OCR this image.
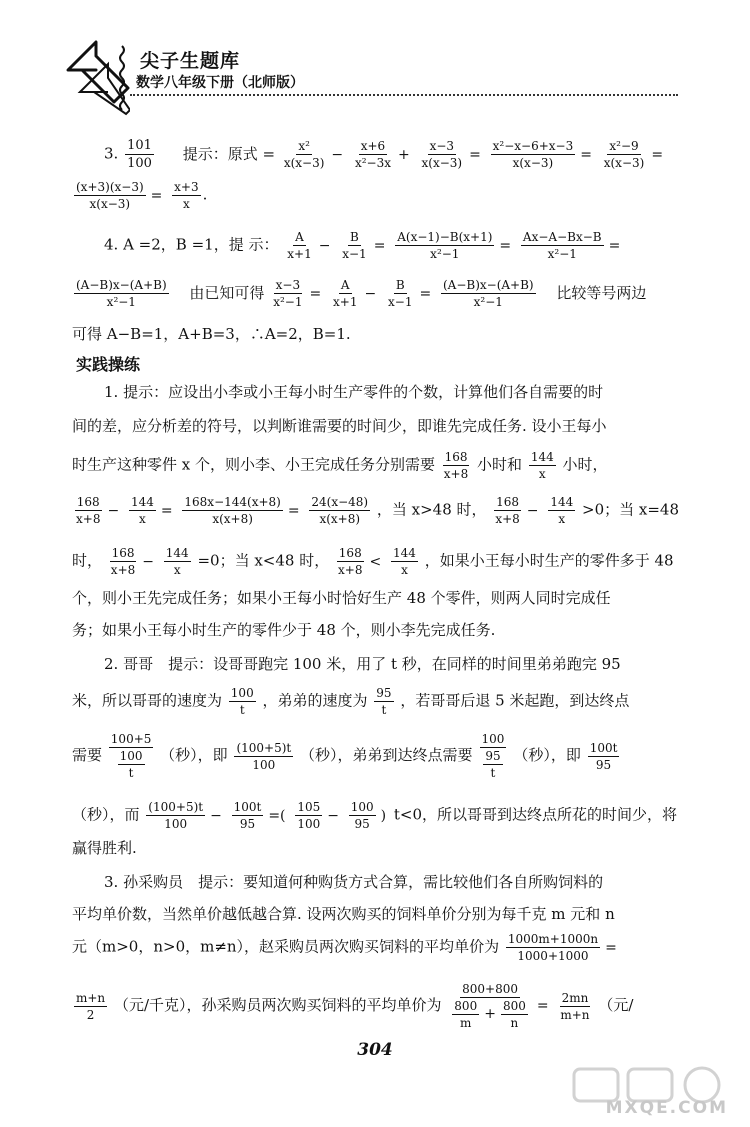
尖子生题库
数学八年级下册（北师版）
3. $\frac{101}{100}$ 提示：原式 = $\frac{\text{x²}}{x(x-3)} - \frac{x+6}{\text{x²−3x}} + \frac{x-3}{x(x-3)} = \frac{\text{x²−x−6+x−3}}{x(x-3)} = \frac{\text{x²−9}}{x(x-3)}$ =
$\frac{(x+3)(x-3)}{x(x-3)} = \frac{x+3}{x}$ .
4. A =2，B =1，提 示： $\frac{A}{x+1} - \frac{B}{x-1} = \frac{A(x-1)-B(x+1)}{\text{x²−1}} = \frac{Ax-A-Bx-B}{\text{x²−1}}$ =
$\frac{(A-B)x-(A+B)}{\text{x²−1}}$ 由已知可得 $\frac{x-3}{\text{x²−1}} = \frac{A}{x+1} - \frac{B}{x-1} = \frac{(A-B)x-(A+B)}{\text{x²−1}}$ 比较等号两边
可得 A−B=1，A+B=3，∴A=2，B=1.
实践操练
1. 提示：应设出小李或小王每小时生产零件的个数，计算他们各自需要的时
间的差，应分析差的符号，以判断谁需要的时间少，即谁先完成任务. 设小王每小
时生产这种零件 x 个，则小李、小王完成任务分别需要 $\frac{168}{x+8}$ 小时和 $\frac{144}{x}$ 小时，
$\frac{168}{x+8} - \frac{144}{x} = \frac{168x-144(x+8)}{x(x+8)} = \frac{24(x-48)}{x(x+8)}$ ，当 x>48 时， $\frac{168}{x+8} - \frac{144}{x} >0$；当 x=48
时， $\frac{168}{x+8} - \frac{144}{x} =0$；当 x<48 时， $\frac{168}{x+8} < \frac{144}{x}$ ，如果小王每小时生产的零件多于 48
个，则小王先完成任务；如果小王每小时恰好生产 48 个零件，则两人同时完成任
务；如果小王每小时生产的零件少于 48 个，则小李先完成任务.
2. 哥哥　提示：设哥哥跑完 100 米，用了 t 秒，在同样的时间里弟弟跑完 95
米，所以哥哥的速度为 $\frac{100}{t}$ ，弟弟的速度为 $\frac{95}{t}$ ，若哥哥后退 5 米起跑，到达终点
需要 $\frac{100+5}{\frac{100}{t}}$ （秒），即 $\frac{(100+5)t}{100}$ （秒），弟弟到达终点需要 $\frac{100}{\frac{95}{t}}$ （秒），即 $\frac{100t}{95}$
（秒），而 $\frac{(100+5)t}{100} - \frac{100t}{95}$ =( $\frac{105}{100} - \frac{100}{95}$ ) t<0，所以哥哥到达终点所花的时间少，将
赢得胜利.
3. 孙采购员　提示：要知道何种购货方式合算，需比较他们各自所购饲料的
平均单价数，当然单价越低越合算. 设两次购买的饲料单价分别为每千克 m 元和 n
元（m>0，n>0，m≠n），赵采购员两次购买饲料的平均单价为 $\frac{1000m+1000n}{1000+1000}$ =
$\frac{m+n}{2}$ （元/千克），孙采购员两次购买饲料的平均单价为 $\frac{800+800}{\frac{800}{m} + \frac{800}{n}} = \frac{2mn}{m+n}$ （元/
304
MXQE.COM
